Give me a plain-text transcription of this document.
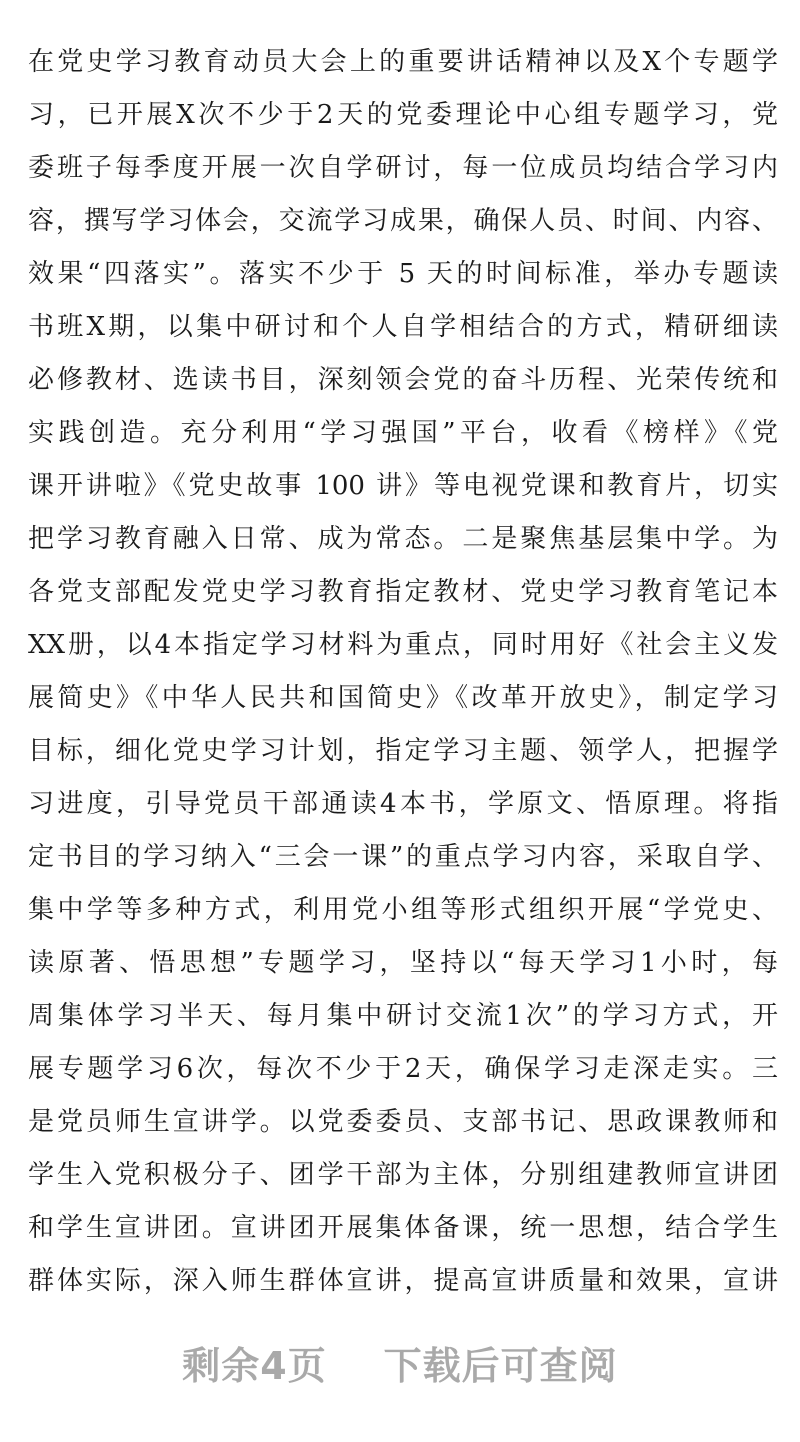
在党史学习教育动员大会上的重要讲话精神以及X个专题学
习，已开展X次不少于2天的党委理论中心组专题学习，党
委班子每季度开展一次自学研讨，每一位成员均结合学习内
容，撰写学习体会，交流学习成果，确保人员、时间、内容、
效果“四落实”。落实不少于 5 天的时间标准，举办专题读
书班X期，以集中研讨和个人自学相结合的方式，精研细读
必修教材、选读书目，深刻领会党的奋斗历程、光荣传统和
实践创造。充分利用“学习强国”平台，收看《榜样》《党
课开讲啦》《党史故事 100 讲》等电视党课和教育片，切实
把学习教育融入日常、成为常态。二是聚焦基层集中学。为
各党支部配发党史学习教育指定教材、党史学习教育笔记本
XX册，以4本指定学习材料为重点，同时用好《社会主义发
展简史》《中华人民共和国简史》《改革开放史》，制定学习
目标，细化党史学习计划，指定学习主题、领学人，把握学
习进度，引导党员干部通读4本书，学原文、悟原理。将指
定书目的学习纳入“三会一课”的重点学习内容，采取自学、
集中学等多种方式，利用党小组等形式组织开展“学党史、
读原著、悟思想”专题学习，坚持以“每天学习1小时，每
周集体学习半天、每月集中研讨交流1次”的学习方式，开
展专题学习6次，每次不少于2天，确保学习走深走实。三
是党员师生宣讲学。以党委委员、支部书记、思政课教师和
学生入党积极分子、团学干部为主体，分别组建教师宣讲团
和学生宣讲团。宣讲团开展集体备课，统一思想，结合学生
群体实际，深入师生群体宣讲，提高宣讲质量和效果，宣讲
剩余4页 下载后可查阅
